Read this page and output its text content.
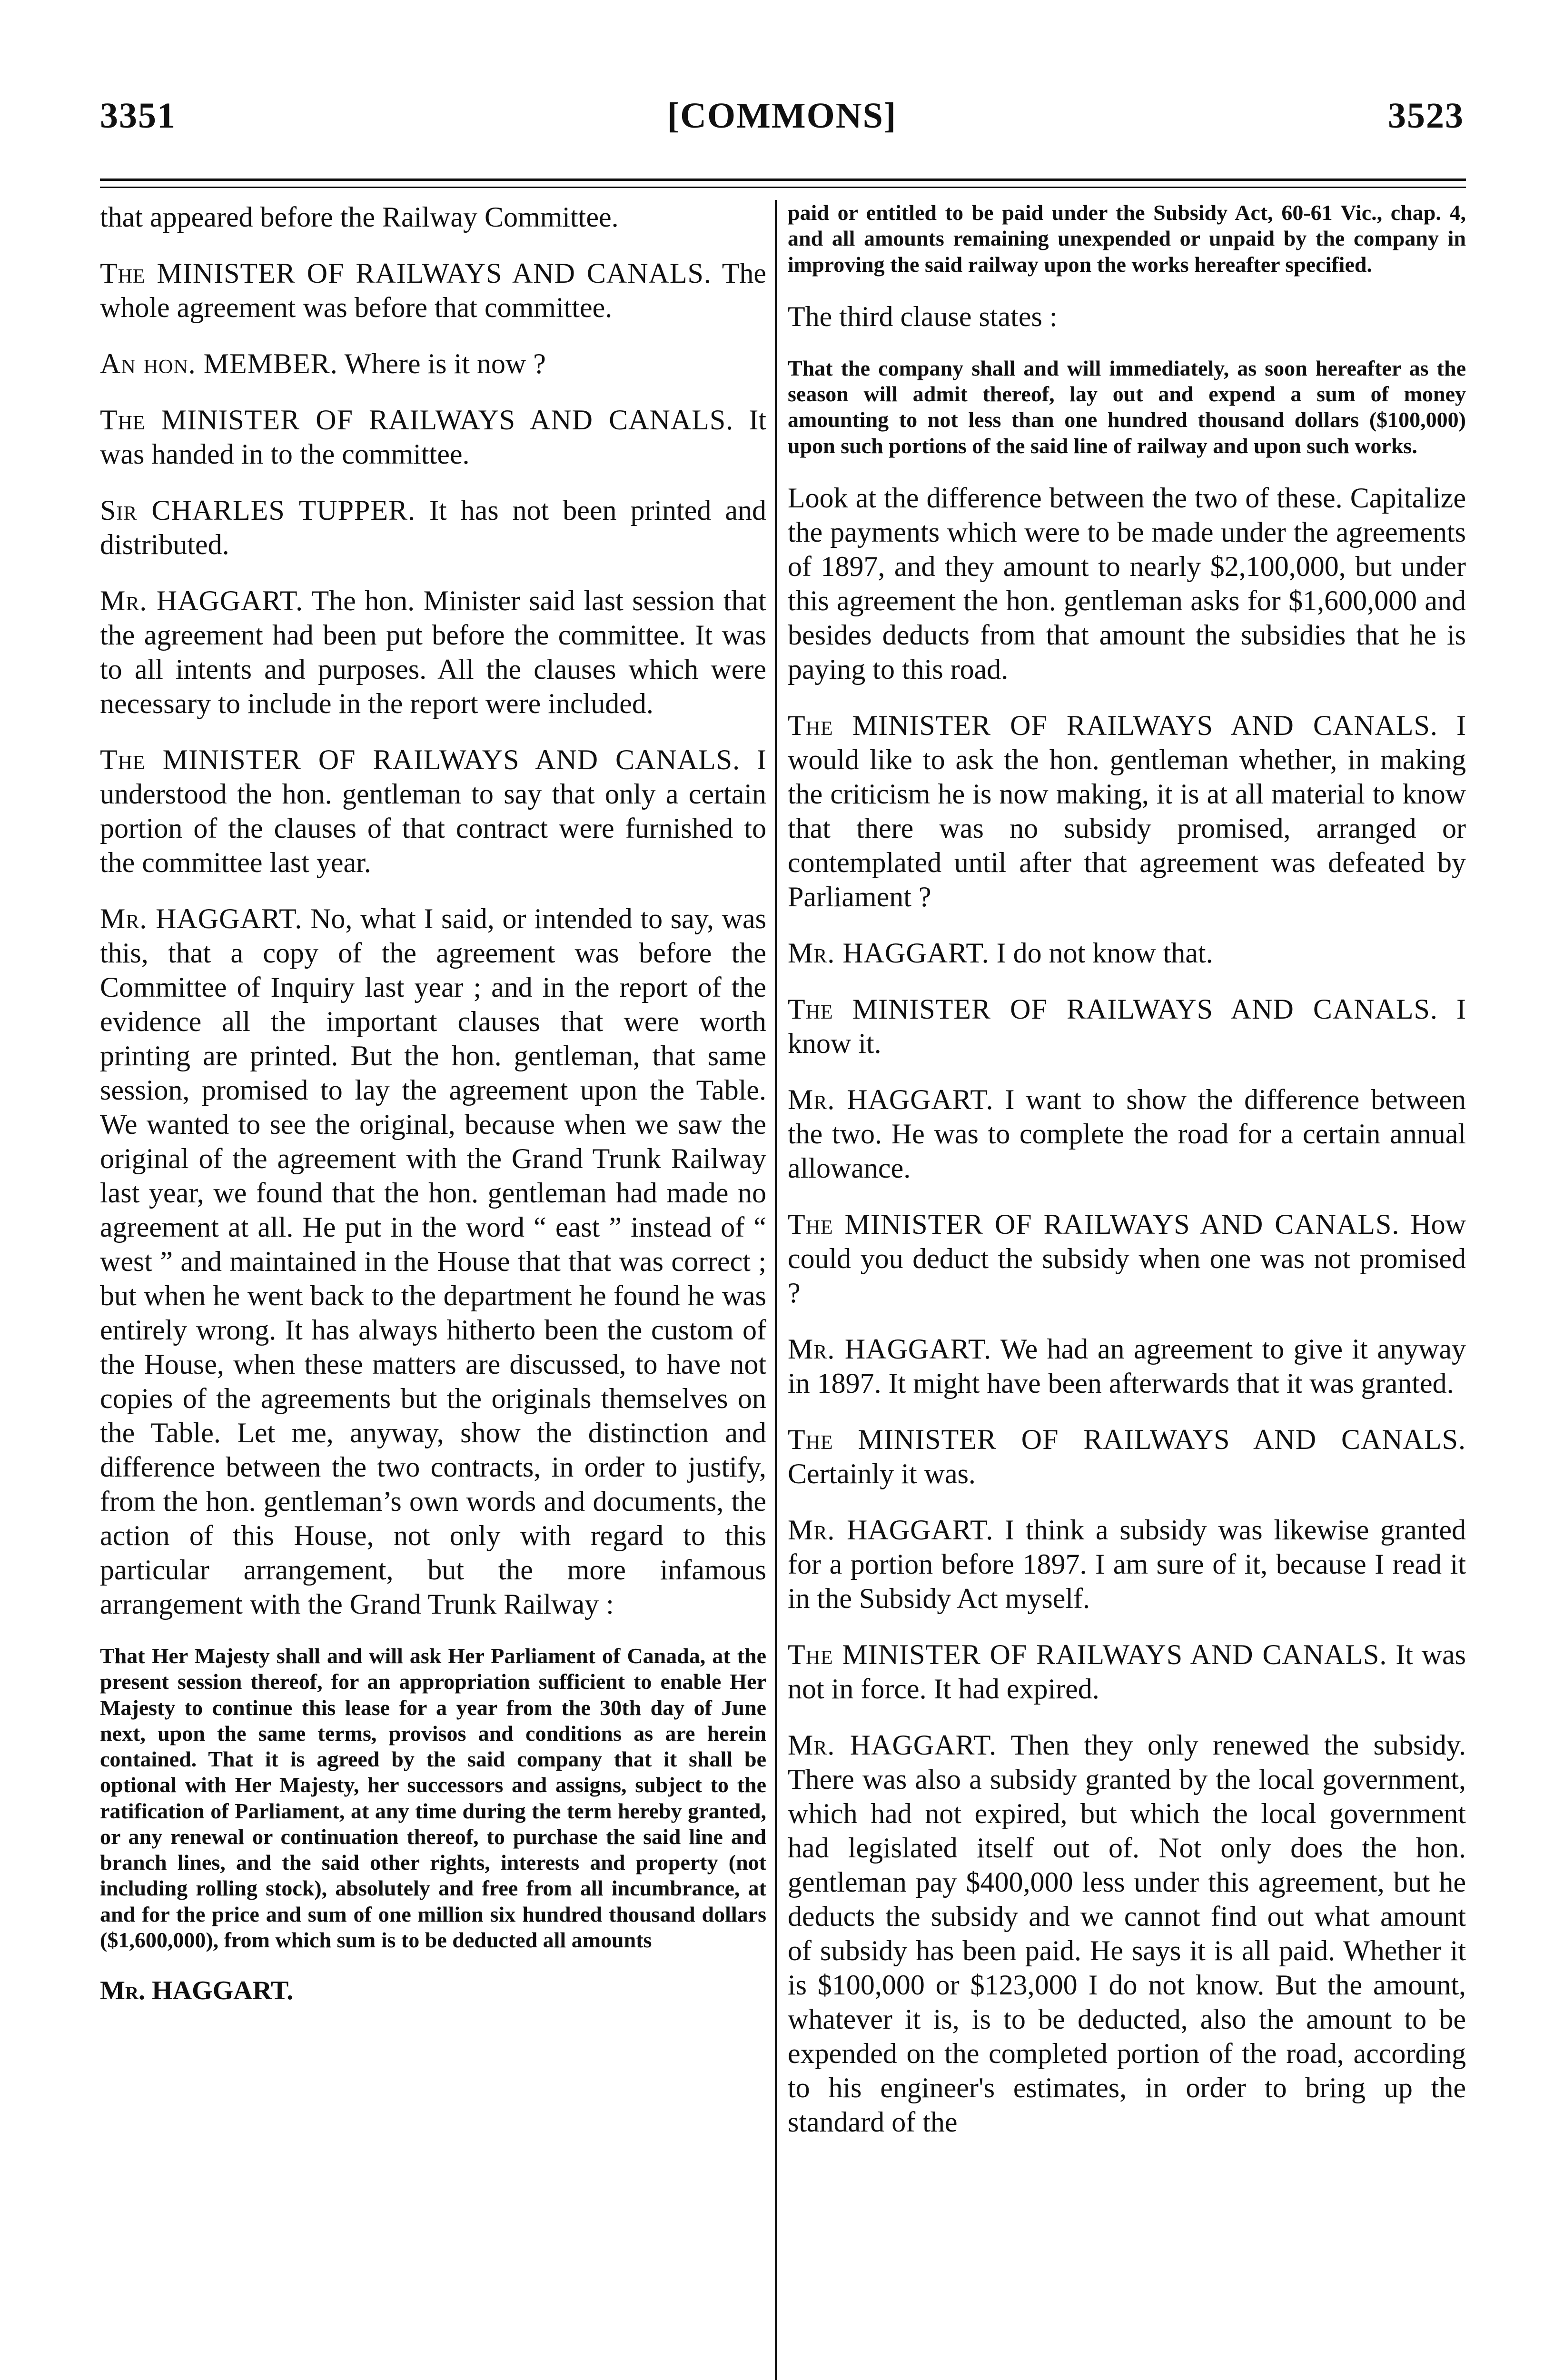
3351	[COMMONS]	3523

that appeared before the Railway Committee.

The MINISTER OF RAILWAYS AND CANALS. The whole agreement was before that committee.

An hon. MEMBER. Where is it now ?

The MINISTER OF RAILWAYS AND CANALS. It was handed in to the committee.

Sir CHARLES TUPPER. It has not been printed and distributed.

Mr. HAGGART. The hon. Minister said last session that the agreement had been put before the committee. It was to all intents and purposes. All the clauses which were necessary to include in the report were included.

The MINISTER OF RAILWAYS AND CANALS. I understood the hon. gentleman to say that only a certain portion of the clauses of that contract were furnished to the committee last year.

Mr. HAGGART. No, what I said, or intended to say, was this, that a copy of the agreement was before the Committee of Inquiry last year ; and in the report of the evidence all the important clauses that were worth printing are printed. But the hon. gentleman, that same session, promised to lay the agreement upon the Table. We wanted to see the original, because when we saw the original of the agreement with the Grand Trunk Railway last year, we found that the hon. gentleman had made no agreement at all. He put in the word “ east ” instead of “ west ” and maintained in the House that that was correct ; but when he went back to the department he found he was entirely wrong. It has always hitherto been the custom of the House, when these matters are discussed, to have not copies of the agreements but the originals themselves on the Table. Let me, anyway, show the distinction and difference between the two contracts, in order to justify, from the hon. gentleman’s own words and documents, the action of this House, not only with regard to this particular arrangement, but the more infamous arrangement with the Grand Trunk Railway :

That Her Majesty shall and will ask Her Parliament of Canada, at the present session thereof, for an appropriation sufficient to enable Her Majesty to continue this lease for a year from the 30th day of June next, upon the same terms, provisos and conditions as are herein contained. That it is agreed by the said company that it shall be optional with Her Majesty, her successors and assigns, subject to the ratification of Parliament, at any time during the term hereby granted, or any renewal or continuation thereof, to purchase the said line and branch lines, and the said other rights, interests and property (not including rolling stock), absolutely and free from all incumbrance, at and for the price and sum of one million six hundred thousand dollars ($1,600,000), from which sum is to be deducted all amounts

Mr. HAGGART.

paid or entitled to be paid under the Subsidy Act, 60-61 Vic., chap. 4, and all amounts remaining unexpended or unpaid by the company in improving the said railway upon the works hereafter specified.

The third clause states :

That the company shall and will immediately, as soon hereafter as the season will admit thereof, lay out and expend a sum of money amounting to not less than one hundred thousand dollars ($100,000) upon such portions of the said line of railway and upon such works.

Look at the difference between the two of these. Capitalize the payments which were to be made under the agreements of 1897, and they amount to nearly $2,100,000, but under this agreement the hon. gentleman asks for $1,600,000 and besides deducts from that amount the subsidies that he is paying to this road.

The MINISTER OF RAILWAYS AND CANALS. I would like to ask the hon. gentleman whether, in making the criticism he is now making, it is at all material to know that there was no subsidy promised, arranged or contemplated until after that agreement was defeated by Parliament ?

Mr. HAGGART. I do not know that.

The MINISTER OF RAILWAYS AND CANALS. I know it.

Mr. HAGGART. I want to show the difference between the two. He was to complete the road for a certain annual allowance.

The MINISTER OF RAILWAYS AND CANALS. How could you deduct the subsidy when one was not promised ?

Mr. HAGGART. We had an agreement to give it anyway in 1897. It might have been afterwards that it was granted.

The MINISTER OF RAILWAYS AND CANALS. Certainly it was.

Mr. HAGGART. I think a subsidy was likewise granted for a portion before 1897. I am sure of it, because I read it in the Subsidy Act myself.

The MINISTER OF RAILWAYS AND CANALS. It was not in force. It had expired.

Mr. HAGGART. Then they only renewed the subsidy. There was also a subsidy granted by the local government, which had not expired, but which the local government had legislated itself out of. Not only does the hon. gentleman pay $400,000 less under this agreement, but he deducts the subsidy and we cannot find out what amount of subsidy has been paid. He says it is all paid. Whether it is $100,000 or $123,000 I do not know. But the amount, whatever it is, is to be deducted, also the amount to be expended on the completed portion of the road, according to his engineer's estimates, in order to bring up the standard of the
